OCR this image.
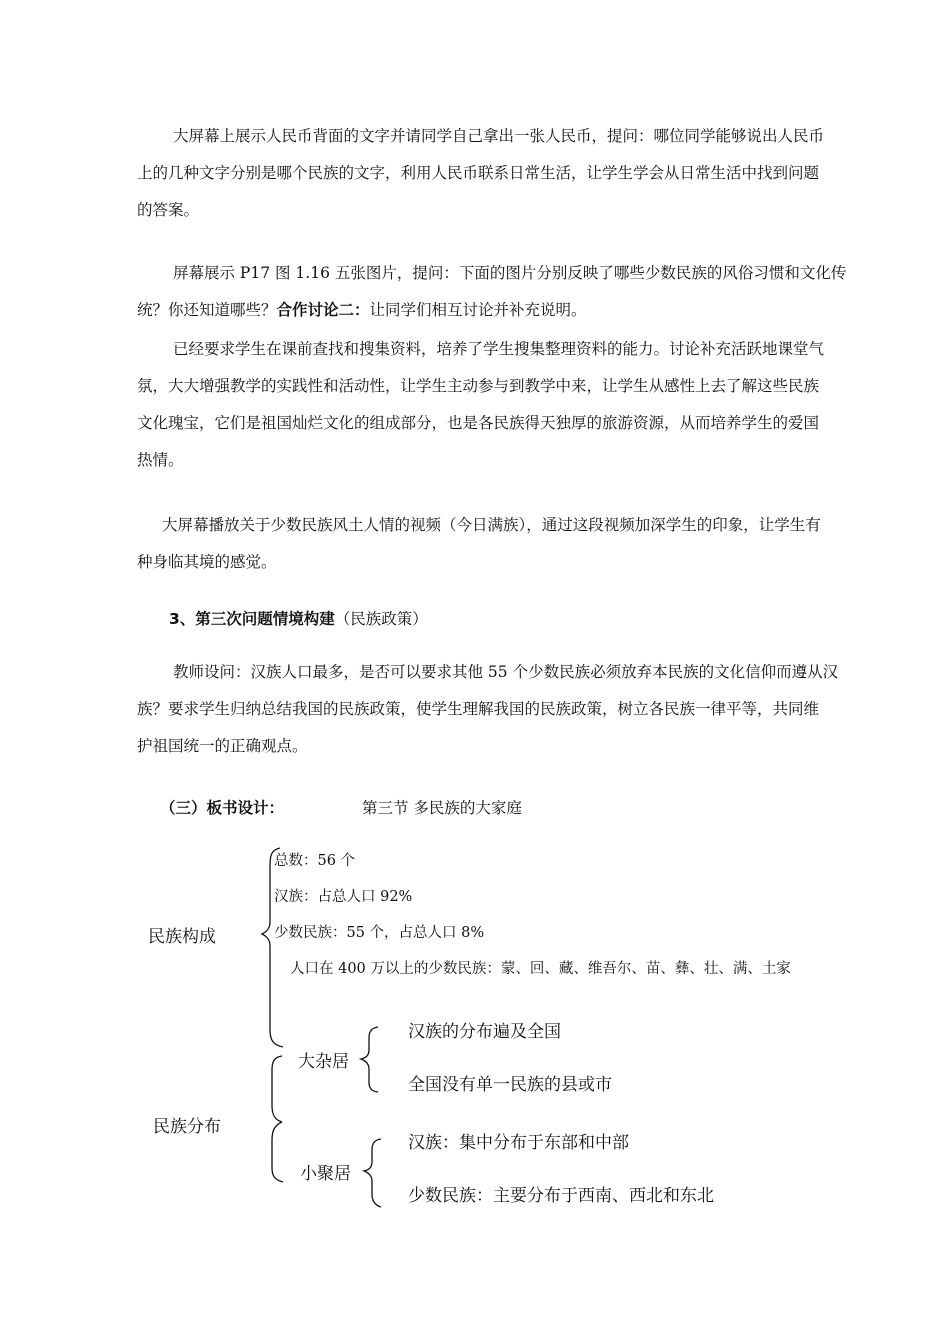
大屏幕上展示人民币背面的文字并请同学自己拿出一张人民币，提问：哪位同学能够说出人民币
上的几种文字分别是哪个民族的文字，利用人民币联系日常生活，让学生学会从日常生活中找到问题
的答案。
屏幕展示 P17 图 1.16 五张图片，提问：下面的图片分别反映了哪些少数民族的风俗习惯和文化传
统？你还知道哪些？合作讨论二：让同学们相互讨论并补充说明。
已经要求学生在课前查找和搜集资料，培养了学生搜集整理资料的能力。讨论补充活跃地课堂气
氛，大大增强教学的实践性和活动性，让学生主动参与到教学中来，让学生从感性上去了解这些民族
文化瑰宝，它们是祖国灿烂文化的组成部分，也是各民族得天独厚的旅游资源，从而培养学生的爱国
热情。
大屏幕播放关于少数民族风土人情的视频（今日满族），通过这段视频加深学生的印象，让学生有
种身临其境的感觉。
3、第三次问题情境构建（民族政策）
教师设问：汉族人口最多，是否可以要求其他 55 个少数民族必须放弃本民族的文化信仰而遵从汉
族？要求学生归纳总结我国的民族政策，使学生理解我国的民族政策，树立各民族一律平等，共同维
护祖国统一的正确观点。
（三）板书设计：	第三节 多民族的大家庭
民族构成
总数：56 个
汉族：占总人口 92%
少数民族：55 个，占总人口 8%
人口在 400 万以上的少数民族：蒙、回、藏、维吾尔、苗、彝、壮、满、土家
民族分布
大杂居
汉族的分布遍及全国
全国没有单一民族的县或市
小聚居
汉族：集中分布于东部和中部
少数民族：主要分布于西南、西北和东北
